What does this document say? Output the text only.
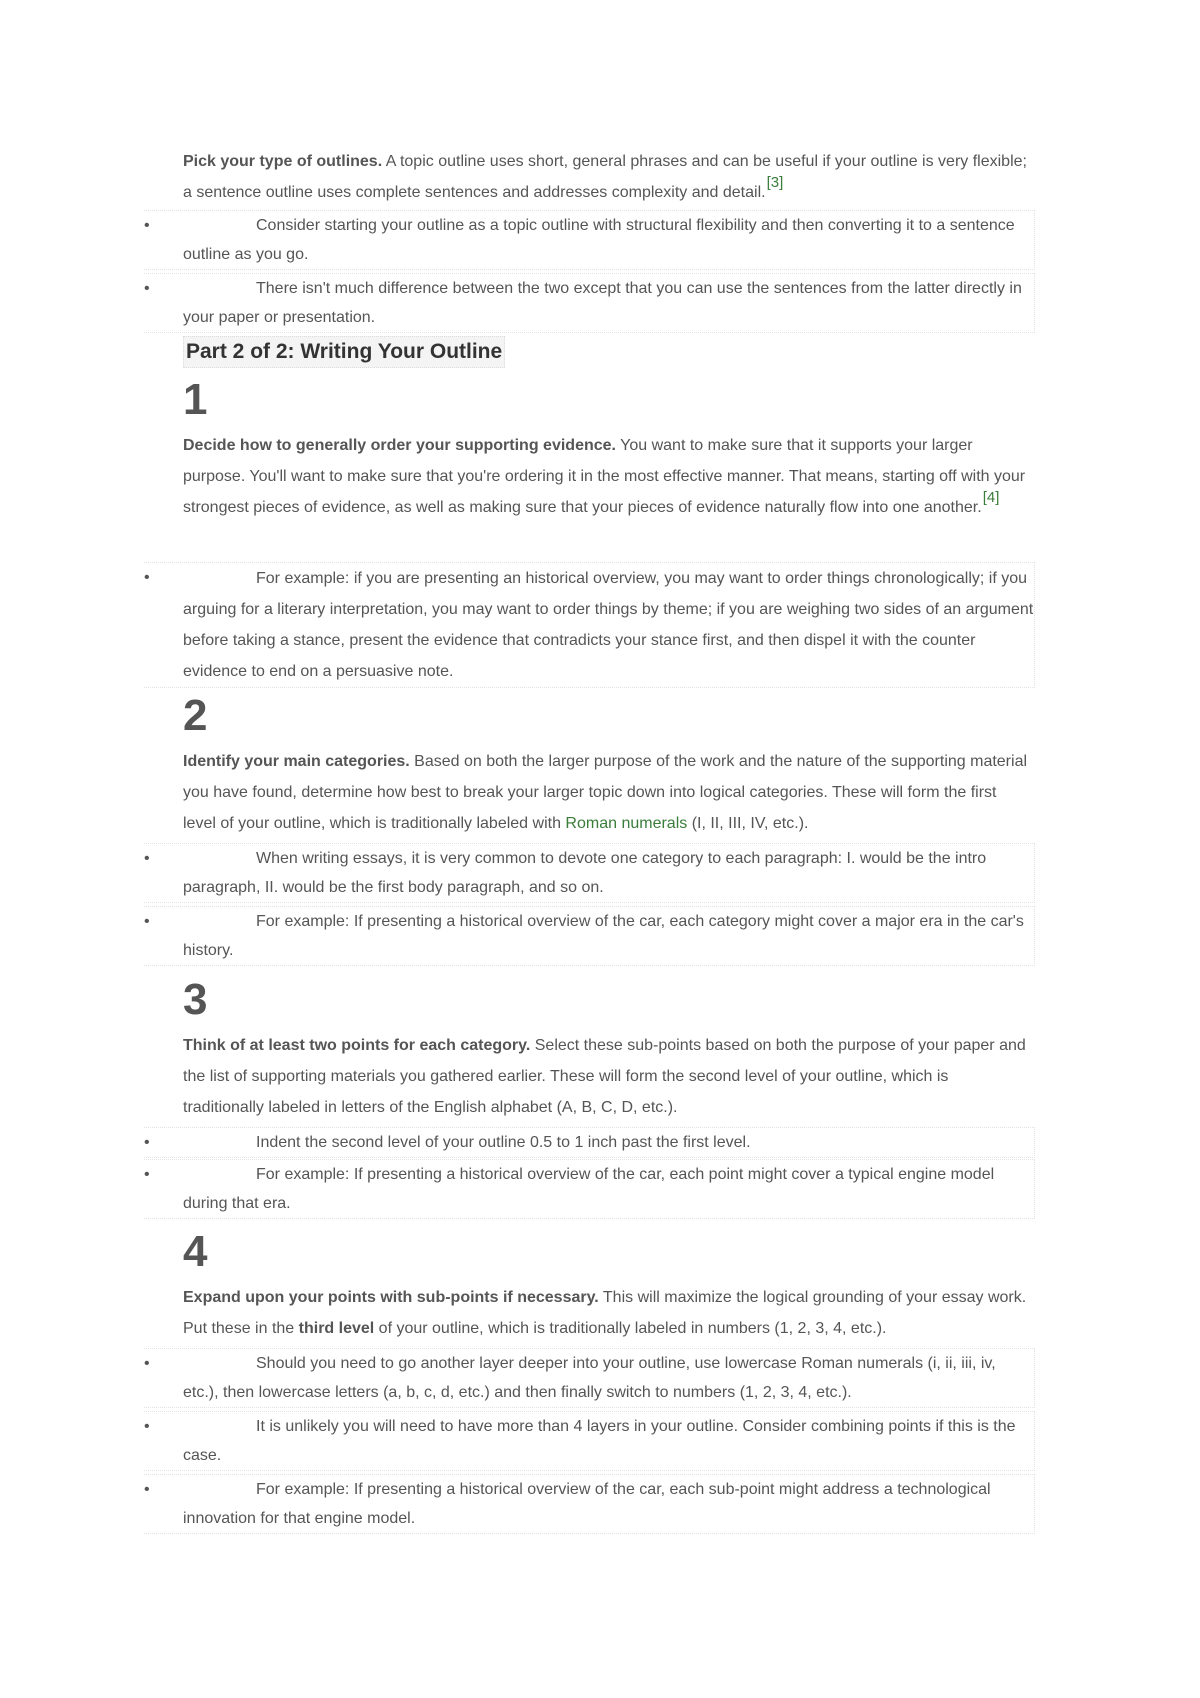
Pick your type of outlines. A topic outline uses short, general phrases and can be useful if your outline is very flexible; a sentence outline uses complete sentences and addresses complexity and detail.[3]
•	Consider starting your outline as a topic outline with structural flexibility and then converting it to a sentence outline as you go.
•	There isn't much difference between the two except that you can use the sentences from the latter directly in your paper or presentation.
Part 2 of 2: Writing Your Outline
1
Decide how to generally order your supporting evidence. You want to make sure that it supports your larger purpose. You'll want to make sure that you're ordering it in the most effective manner. That means, starting off with your strongest pieces of evidence, as well as making sure that your pieces of evidence naturally flow into one another.[4]
•	For example: if you are presenting an historical overview, you may want to order things chronologically; if you arguing for a literary interpretation, you may want to order things by theme; if you are weighing two sides of an argument before taking a stance, present the evidence that contradicts your stance first, and then dispel it with the counter evidence to end on a persuasive note.
2
Identify your main categories. Based on both the larger purpose of the work and the nature of the supporting material you have found, determine how best to break your larger topic down into logical categories. These will form the first level of your outline, which is traditionally labeled with Roman numerals (I, II, III, IV, etc.).
•	When writing essays, it is very common to devote one category to each paragraph: I. would be the intro paragraph, II. would be the first body paragraph, and so on.
•	For example: If presenting a historical overview of the car, each category might cover a major era in the car's history.
3
Think of at least two points for each category. Select these sub-points based on both the purpose of your paper and the list of supporting materials you gathered earlier. These will form the second level of your outline, which is traditionally labeled in letters of the English alphabet (A, B, C, D, etc.).
•	Indent the second level of your outline 0.5 to 1 inch past the first level.
•	For example: If presenting a historical overview of the car, each point might cover a typical engine model during that era.
4
Expand upon your points with sub-points if necessary. This will maximize the logical grounding of your essay work. Put these in the third level of your outline, which is traditionally labeled in numbers (1, 2, 3, 4, etc.).
•	Should you need to go another layer deeper into your outline, use lowercase Roman numerals (i, ii, iii, iv, etc.), then lowercase letters (a, b, c, d, etc.) and then finally switch to numbers (1, 2, 3, 4, etc.).
•	It is unlikely you will need to have more than 4 layers in your outline. Consider combining points if this is the case.
•	For example: If presenting a historical overview of the car, each sub-point might address a technological innovation for that engine model.
